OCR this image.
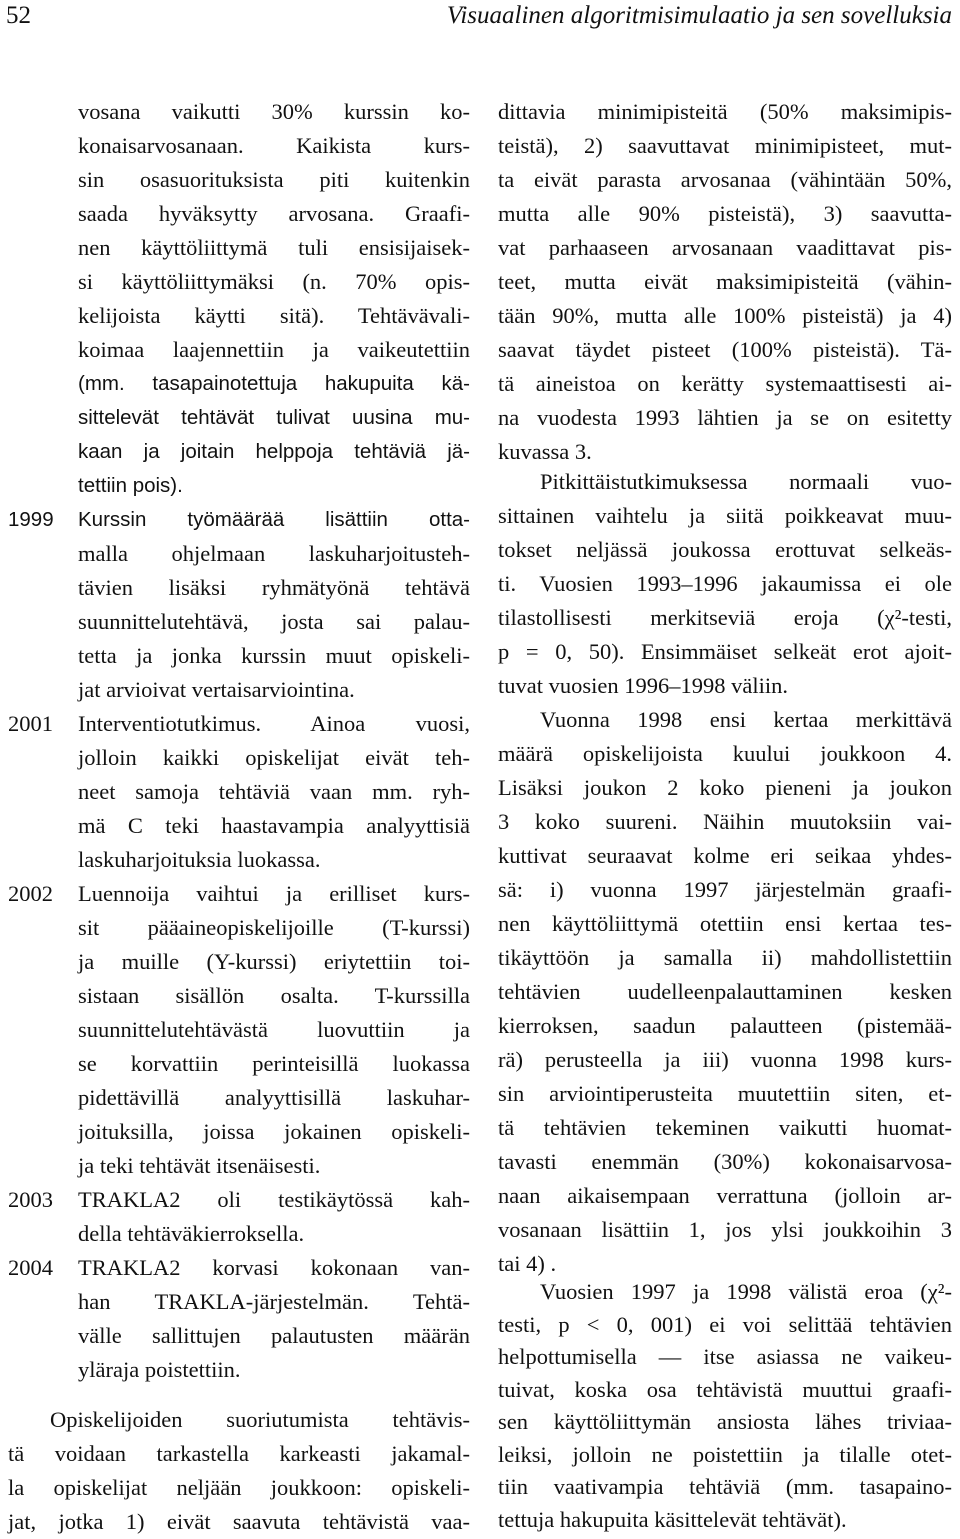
52	Visuaalinen algoritmisimulaatio ja sen sovelluksia
vosana vaikutti 30% kurssin ko-
konaisarvosanaan. Kaikista kurs-
sin osasuorituksista piti kuitenkin
saada hyväksytty arvosana. Graafi-
nen käyttöliittymä tuli ensisijaisek-
si käyttöliittymäksi (n. 70% opis-
kelijoista käytti sitä). Tehtävävali-
koimaa laajennettiin ja vaikeutettiin
(mm. tasapainotettuja hakupuita kä-
sittelevät tehtävät tulivat uusina mu-
kaan ja joitain helppoja tehtäviä jä-
tettiin pois).
1999 Kurssin työmäärää lisättiin otta-
malla ohjelmaan laskuharjoitusteh-
tävien lisäksi ryhmätyönä tehtävä
suunnittelutehtävä, josta sai palau-
tetta ja jonka kurssin muut opiskeli-
jat arvioivat vertaisarviointina.
2001 Interventiotutkimus. Ainoa vuosi,
jolloin kaikki opiskelijat eivät teh-
neet samoja tehtäviä vaan mm. ryh-
mä C teki haastavampia analyyttisiä
laskuharjoituksia luokassa.
2002 Luennoija vaihtui ja erilliset kurs-
sit pääaineopiskelijoille (T-kurssi)
ja muille (Y-kurssi) eriytettiin toi-
sistaan sisällön osalta. T-kurssilla
suunnittelutehtävästä luovuttiin ja
se korvattiin perinteisillä luokassa
pidettävillä analyyttisillä laskuhar-
joituksilla, joissa jokainen opiskeli-
ja teki tehtävät itsenäisesti.
2003 TRAKLA2 oli testikäytössä kah-
della tehtäväkierroksella.
2004 TRAKLA2 korvasi kokonaan van-
han TRAKLA-järjestelmän. Tehtä-
välle sallittujen palautusten määrän
yläraja poistettiin.
Opiskelijoiden suoriutumista tehtävis-
tä voidaan tarkastella karkeasti jakamal-
la opiskelijat neljään joukkoon: opiskeli-
jat, jotka 1) eivät saavuta tehtävistä vaa-
dittavia minimipisteitä (50% maksimipis-
teistä), 2) saavuttavat minimipisteet, mut-
ta eivät parasta arvosanaa (vähintään 50%,
mutta alle 90% pisteistä), 3) saavutta-
vat parhaaseen arvosanaan vaadittavat pis-
teet, mutta eivät maksimipisteitä (vähin-
tään 90%, mutta alle 100% pisteistä) ja 4)
saavat täydet pisteet (100% pisteistä). Tä-
tä aineistoa on kerätty systemaattisesti ai-
na vuodesta 1993 lähtien ja se on esitetty
kuvassa 3.
Pitkittäistutkimuksessa normaali vuo-
sittainen vaihtelu ja siitä poikkeavat muu-
tokset neljässä joukossa erottuvat selkeäs-
ti. Vuosien 1993–1996 jakaumissa ei ole
tilastollisesti merkitseviä eroja (χ²-testi,
p = 0, 50). Ensimmäiset selkeät erot ajoit-
tuvat vuosien 1996–1998 väliin.
Vuonna 1998 ensi kertaa merkittävä
määrä opiskelijoista kuului joukkoon 4.
Lisäksi joukon 2 koko pieneni ja joukon
3 koko suureni. Näihin muutoksiin vai-
kuttivat seuraavat kolme eri seikaa yhdes-
sä: i) vuonna 1997 järjestelmän graafi-
nen käyttöliittymä otettiin ensi kertaa tes-
tikäyttöön ja samalla ii) mahdollistettiin
tehtävien uudelleenpalauttaminen kesken
kierroksen, saadun palautteen (pistemää-
rä) perusteella ja iii) vuonna 1998 kurs-
sin arviointiperusteita muutettiin siten, et-
tä tehtävien tekeminen vaikutti huomat-
tavasti enemmän (30%) kokonaisarvosa-
naan aikaisempaan verrattuna (jolloin ar-
vosanaan lisättiin 1, jos ylsi joukkoihin 3
tai 4) .
Vuosien 1997 ja 1998 välistä eroa (χ²-
testi, p < 0, 001) ei voi selittää tehtävien
helpottumisella — itse asiassa ne vaikeu-
tuivat, koska osa tehtävistä muuttui graafi-
sen käyttöliittymän ansiosta lähes triviaa-
leiksi, jolloin ne poistettiin ja tilalle otet-
tiin vaativampia tehtäviä (mm. tasapaino-
tettuja hakupuita käsittelevät tehtävät).
